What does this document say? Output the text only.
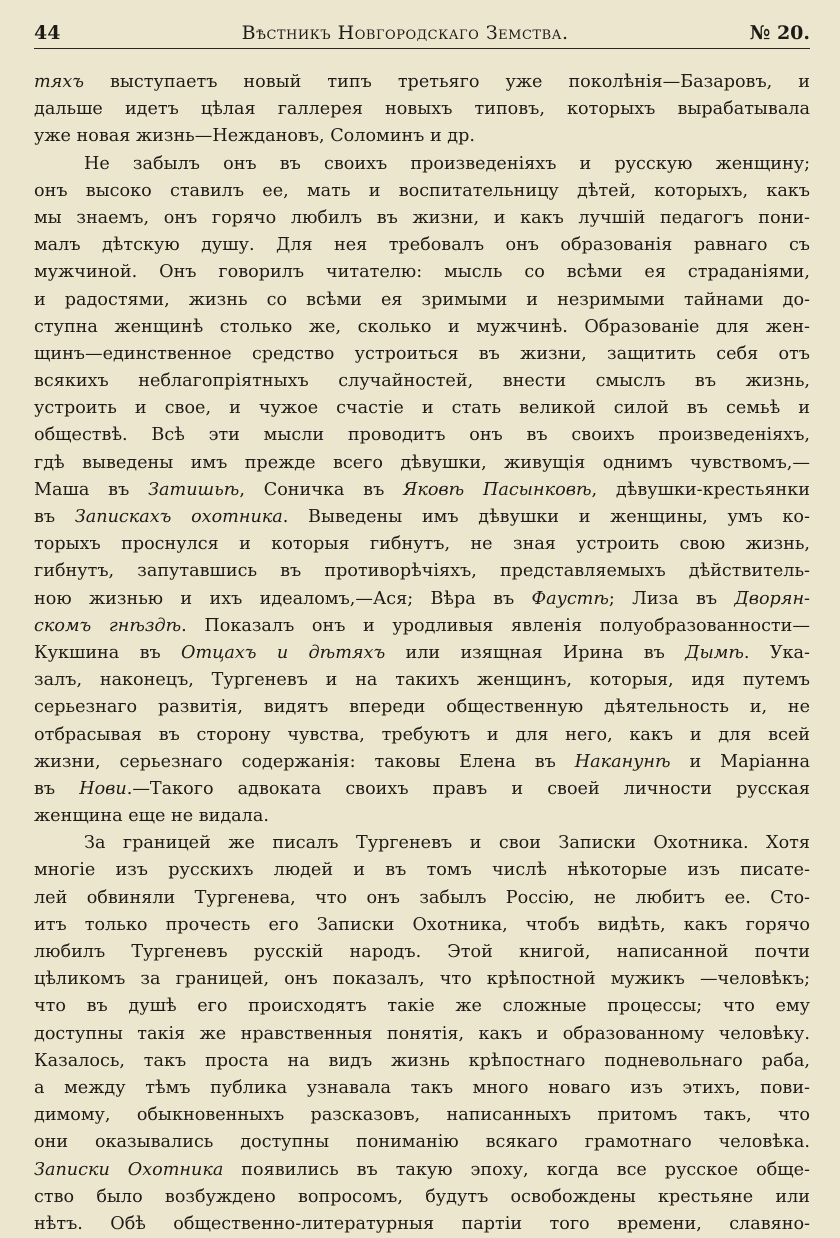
44	Вѣстникъ Новгородскаго Земства.	№ 20.
тяхъ выступаетъ новый типъ третьяго уже поколѣнія—Базаровъ, и
дальше идетъ цѣлая галлерея новыхъ типовъ, которыхъ вырабатывала
уже новая жизнь—Неждановъ, Соломинъ и др.
Не забылъ онъ въ своихъ произведеніяхъ и русскую женщину;
онъ высоко ставилъ ее, мать и воспитательницу дѣтей, которыхъ, какъ
мы знаемъ, онъ горячо любилъ въ жизни, и какъ лучшій педагогъ пони-
малъ дѣтскую душу. Для нея требовалъ онъ образованія равнаго съ
мужчиной. Онъ говорилъ читателю: мысль со всѣми ея страданіями,
и радостями, жизнь со всѣми ея зримыми и незримыми тайнами до-
ступна женщинѣ столько же, сколько и мужчинѣ. Образованіе для жен-
щинъ—единственное средство устроиться въ жизни, защитить себя отъ
всякихъ неблагопріятныхъ случайностей, внести смыслъ въ жизнь,
устроить и свое, и чужое счастіе и стать великой силой въ семьѣ и
обществѣ. Всѣ эти мысли проводитъ онъ въ своихъ произведеніяхъ,
гдѣ выведены имъ прежде всего дѣвушки, живущія однимъ чувствомъ,—
Маша въ Затишьѣ, Соничка въ Яковѣ Пасынковѣ, дѣвушки-крестьянки
въ Запискахъ охотника. Выведены имъ дѣвушки и женщины, умъ ко-
торыхъ проснулся и которыя гибнутъ, не зная устроить свою жизнь,
гибнутъ, запутавшись въ противорѣчіяхъ, представляемыхъ дѣйствитель-
ною жизнью и ихъ идеаломъ,—Ася; Вѣра въ Фаустѣ; Лиза въ Дворян-
скомъ гнѣздѣ. Показалъ онъ и уродливыя явленія полуобразованности—
Кукшина въ Отцахъ и дѣтяхъ или изящная Ирина въ Дымѣ. Ука-
залъ, наконецъ, Тургеневъ и на такихъ женщинъ, которыя, идя путемъ
серьезнаго развитія, видятъ впереди общественную дѣятельность и, не
отбрасывая въ сторону чувства, требуютъ и для него, какъ и для всей
жизни, серьезнаго содержанія: таковы Елена въ Наканунѣ и Маріанна
въ Нови.—Такого адвоката своихъ правъ и своей личности русская
женщина еще не видала.
За границей же писалъ Тургеневъ и свои Записки Охотника. Хотя
многіе изъ русскихъ людей и въ томъ числѣ нѣкоторые изъ писате-
лей обвиняли Тургенева, что онъ забылъ Россію, не любитъ ее. Сто-
итъ только прочесть его Записки Охотника, чтобъ видѣть, какъ горячо
любилъ Тургеневъ русскій народъ. Этой книгой, написанной почти
цѣликомъ за границей, онъ показалъ, что крѣпостной мужикъ —человѣкъ;
что въ душѣ его происходятъ такіе же сложные процессы; что ему
доступны такія же нравственныя понятія, какъ и образованному человѣку.
Казалось, такъ проста на видъ жизнь крѣпостнаго подневольнаго раба,
а между тѣмъ публика узнавала такъ много новаго изъ этихъ, пови-
димому, обыкновенныхъ разсказовъ, написанныхъ притомъ такъ, что
они оказывались доступны пониманію всякаго грамотнаго человѣка.
Записки Охотника появились въ такую эпоху, когда все русское обще-
ство было возбуждено вопросомъ, будутъ освобождены крестьяне или
нѣтъ. Обѣ общественно-литературныя партіи того времени, славяно-
